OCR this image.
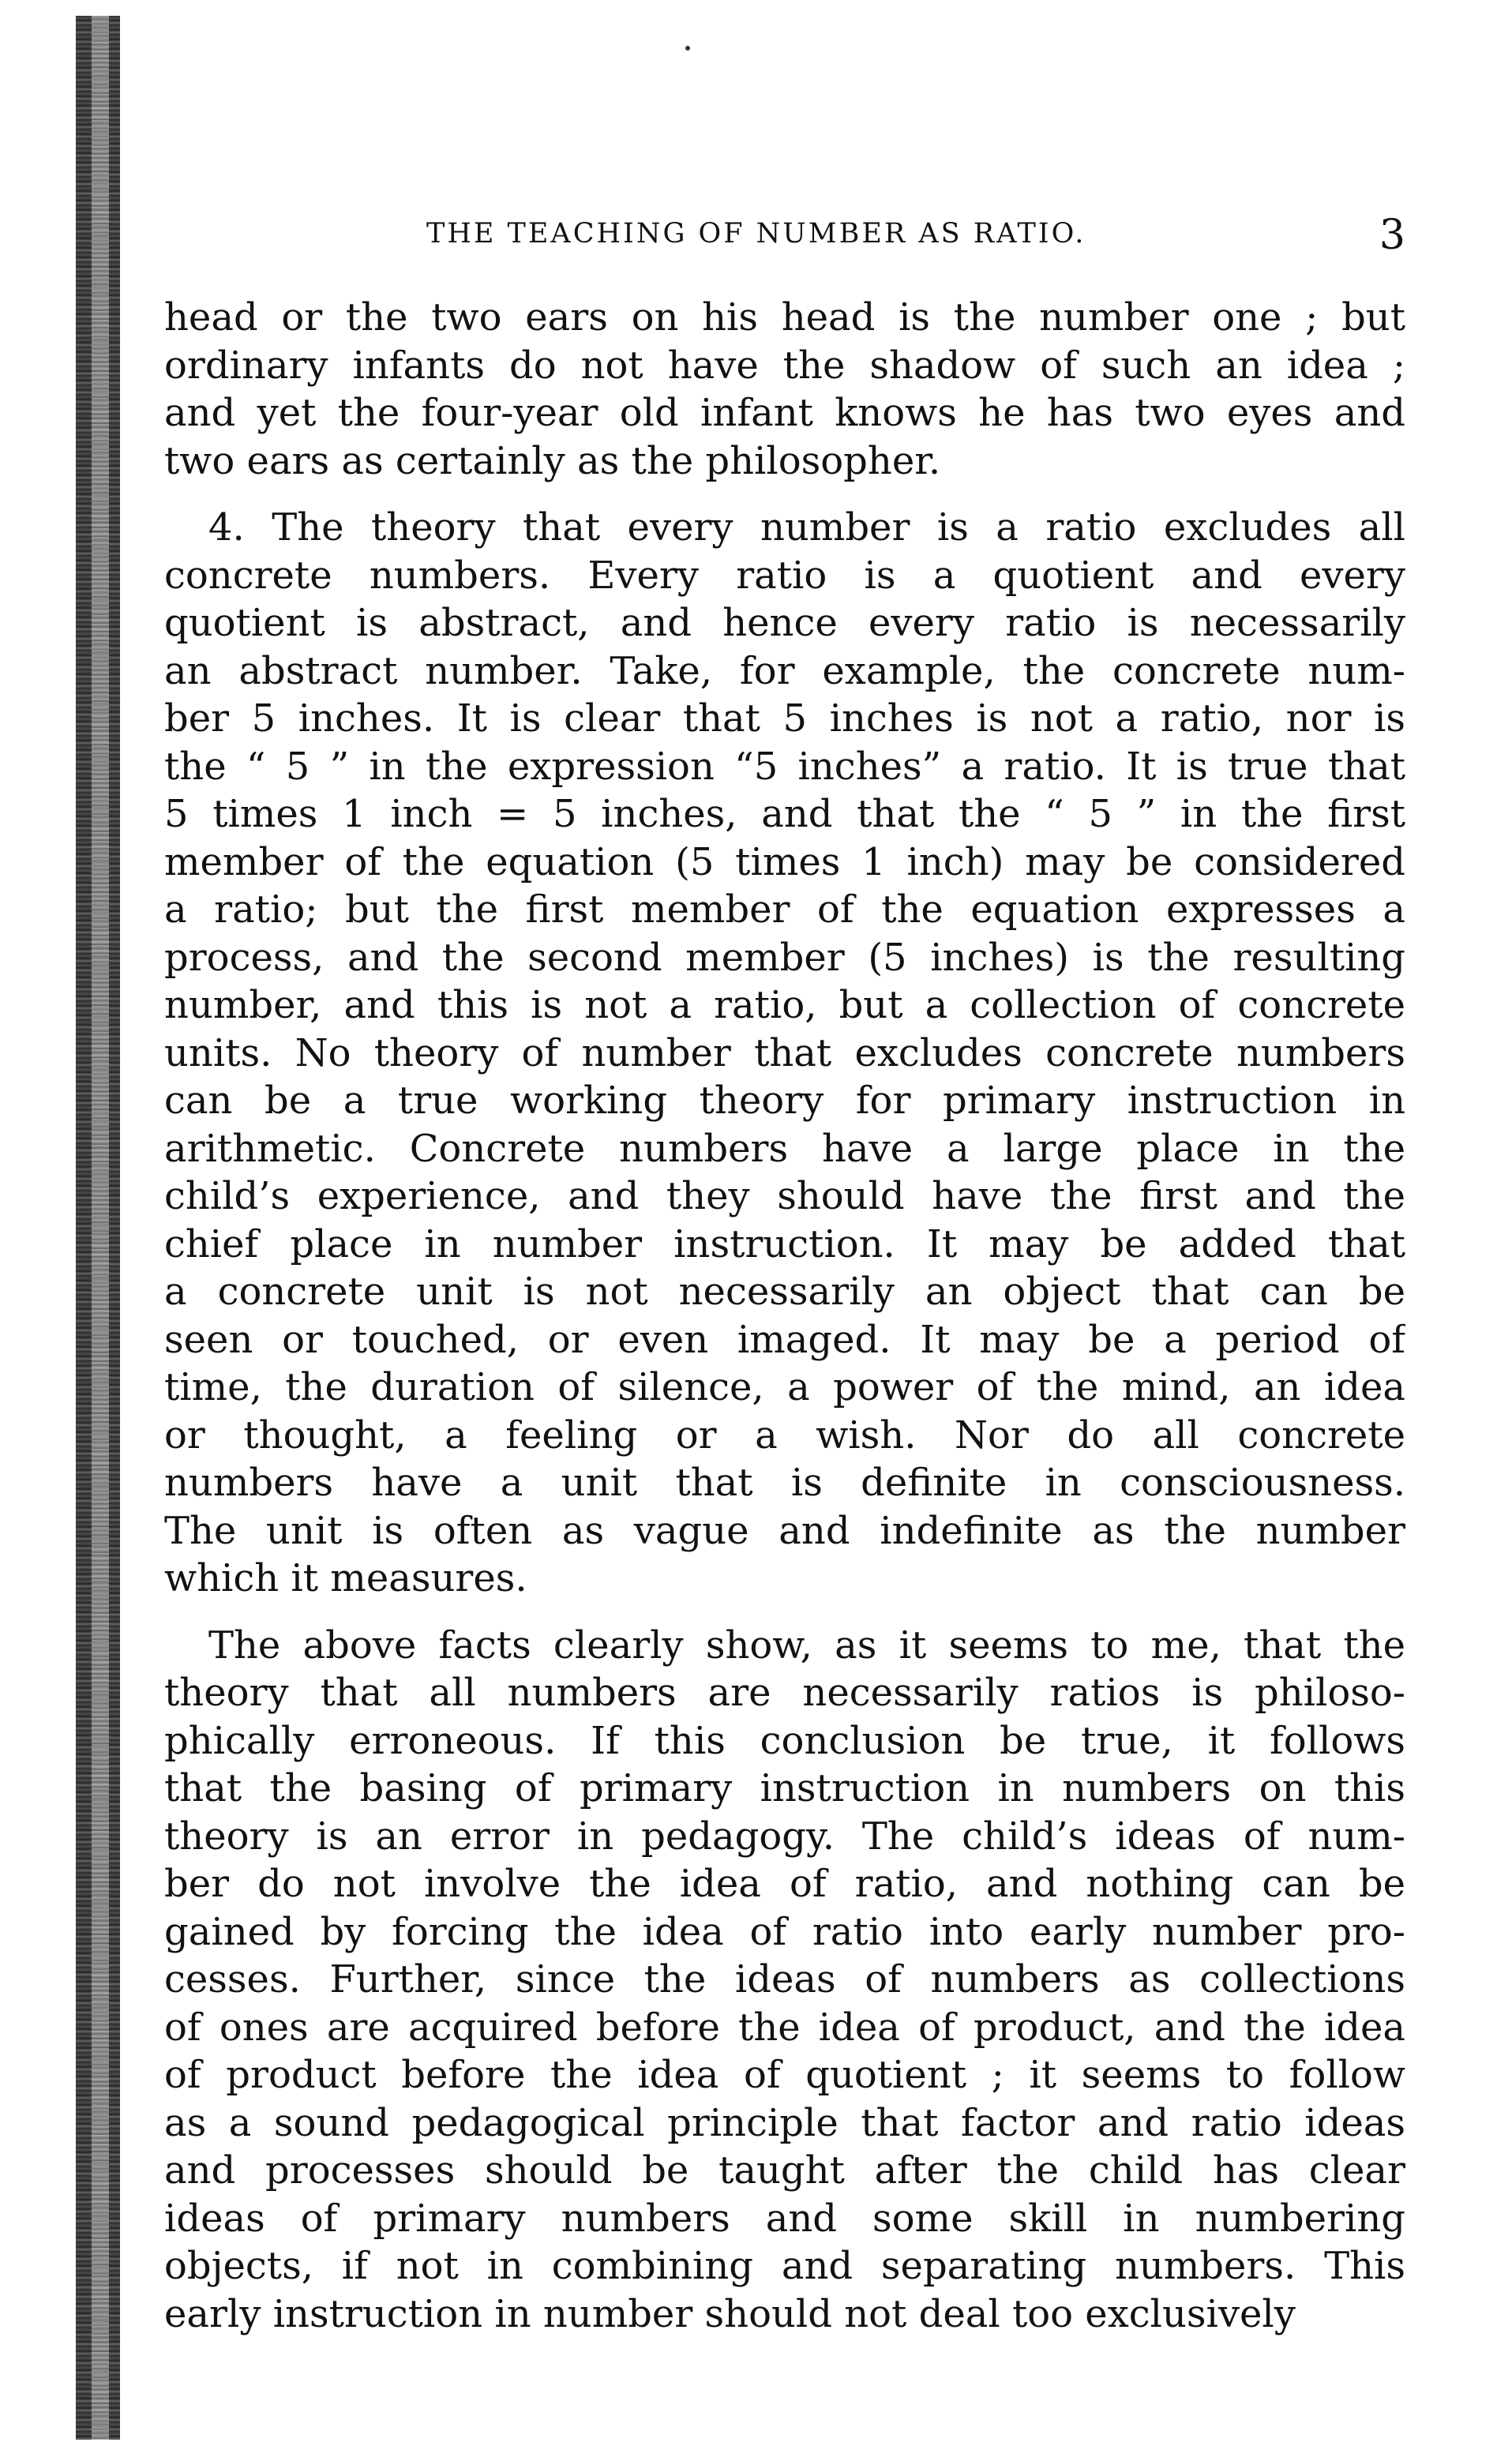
THE TEACHING OF NUMBER AS RATIO.	3
head or the two ears on his head is the number one ; but
ordinary infants do not have the shadow of such an idea ;
and yet the four-year old infant knows he has two eyes and
two ears as certainly as the philosopher.
4. The theory that every number is a ratio excludes all
concrete numbers. Every ratio is a quotient and every
quotient is abstract, and hence every ratio is necessarily
an abstract number. Take, for example, the concrete num-
ber 5 inches. It is clear that 5 inches is not a ratio, nor is
the “ 5 ” in the expression “5 inches” a ratio. It is true that
5 times 1 inch = 5 inches, and that the “ 5 ” in the first
member of the equation (5 times 1 inch) may be considered
a ratio; but the first member of the equation expresses a
process, and the second member (5 inches) is the resulting
number, and this is not a ratio, but a collection of concrete
units. No theory of number that excludes concrete numbers
can be a true working theory for primary instruction in
arithmetic. Concrete numbers have a large place in the
child’s experience, and they should have the first and the
chief place in number instruction. It may be added that
a concrete unit is not necessarily an object that can be
seen or touched, or even imaged. It may be a period of
time, the duration of silence, a power of the mind, an idea
or thought, a feeling or a wish. Nor do all concrete
numbers have a unit that is definite in consciousness.
The unit is often as vague and indefinite as the number
which it measures.
The above facts clearly show, as it seems to me, that the
theory that all numbers are necessarily ratios is philoso-
phically erroneous. If this conclusion be true, it follows
that the basing of primary instruction in numbers on this
theory is an error in pedagogy. The child’s ideas of num-
ber do not involve the idea of ratio, and nothing can be
gained by forcing the idea of ratio into early number pro-
cesses. Further, since the ideas of numbers as collections
of ones are acquired before the idea of product, and the idea
of product before the idea of quotient ; it seems to follow
as a sound pedagogical principle that factor and ratio ideas
and processes should be taught after the child has clear
ideas of primary numbers and some skill in numbering
objects, if not in combining and separating numbers. This
early instruction in number should not deal too exclusively
